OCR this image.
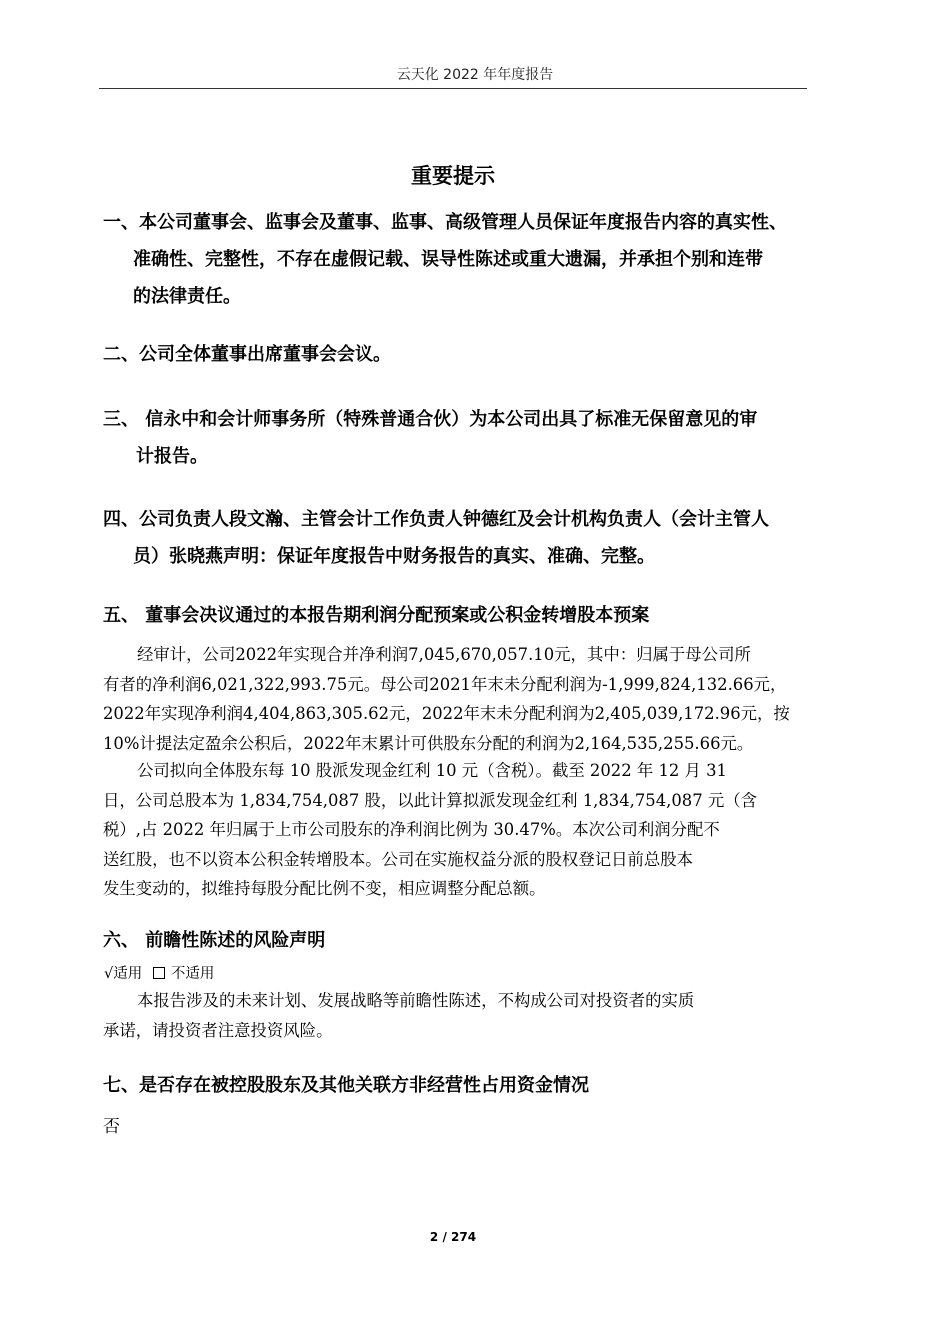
云天化 2022 年年度报告
重要提示
一、本公司董事会、监事会及董事、监事、高级管理人员保证年度报告内容的真实性、
准确性、完整性，不存在虚假记载、误导性陈述或重大遗漏，并承担个别和连带
的法律责任。
二、公司全体董事出席董事会会议。
三、 信永中和会计师事务所（特殊普通合伙）为本公司出具了标准无保留意见的审
计报告。
四、公司负责人段文瀚、主管会计工作负责人钟德红及会计机构负责人（会计主管人
员）张晓燕声明：保证年度报告中财务报告的真实、准确、完整。
五、 董事会决议通过的本报告期利润分配预案或公积金转增股本预案
经审计，公司2022年实现合并净利润7,045,670,057.10元，其中：归属于母公司所
有者的净利润6,021,322,993.75元。母公司2021年末未分配利润为-1,999,824,132.66元，
2022年实现净利润4,404,863,305.62元，2022年末未分配利润为2,405,039,172.96元，按
10%计提法定盈余公积后，2022年末累计可供股东分配的利润为2,164,535,255.66元。
公司拟向全体股东每 10 股派发现金红利 10 元（含税）。截至 2022 年 12 月 31
日，公司总股本为 1,834,754,087 股，以此计算拟派发现金红利 1,834,754,087 元（含
税）,占 2022 年归属于上市公司股东的净利润比例为 30.47%。本次公司利润分配不
送红股，也不以资本公积金转增股本。公司在实施权益分派的股权登记日前总股本
发生变动的，拟维持每股分配比例不变，相应调整分配总额。
六、 前瞻性陈述的风险声明
√适用 不适用
本报告涉及的未来计划、发展战略等前瞻性陈述，不构成公司对投资者的实质
承诺，请投资者注意投资风险。
七、是否存在被控股股东及其他关联方非经营性占用资金情况
否
2 / 274
